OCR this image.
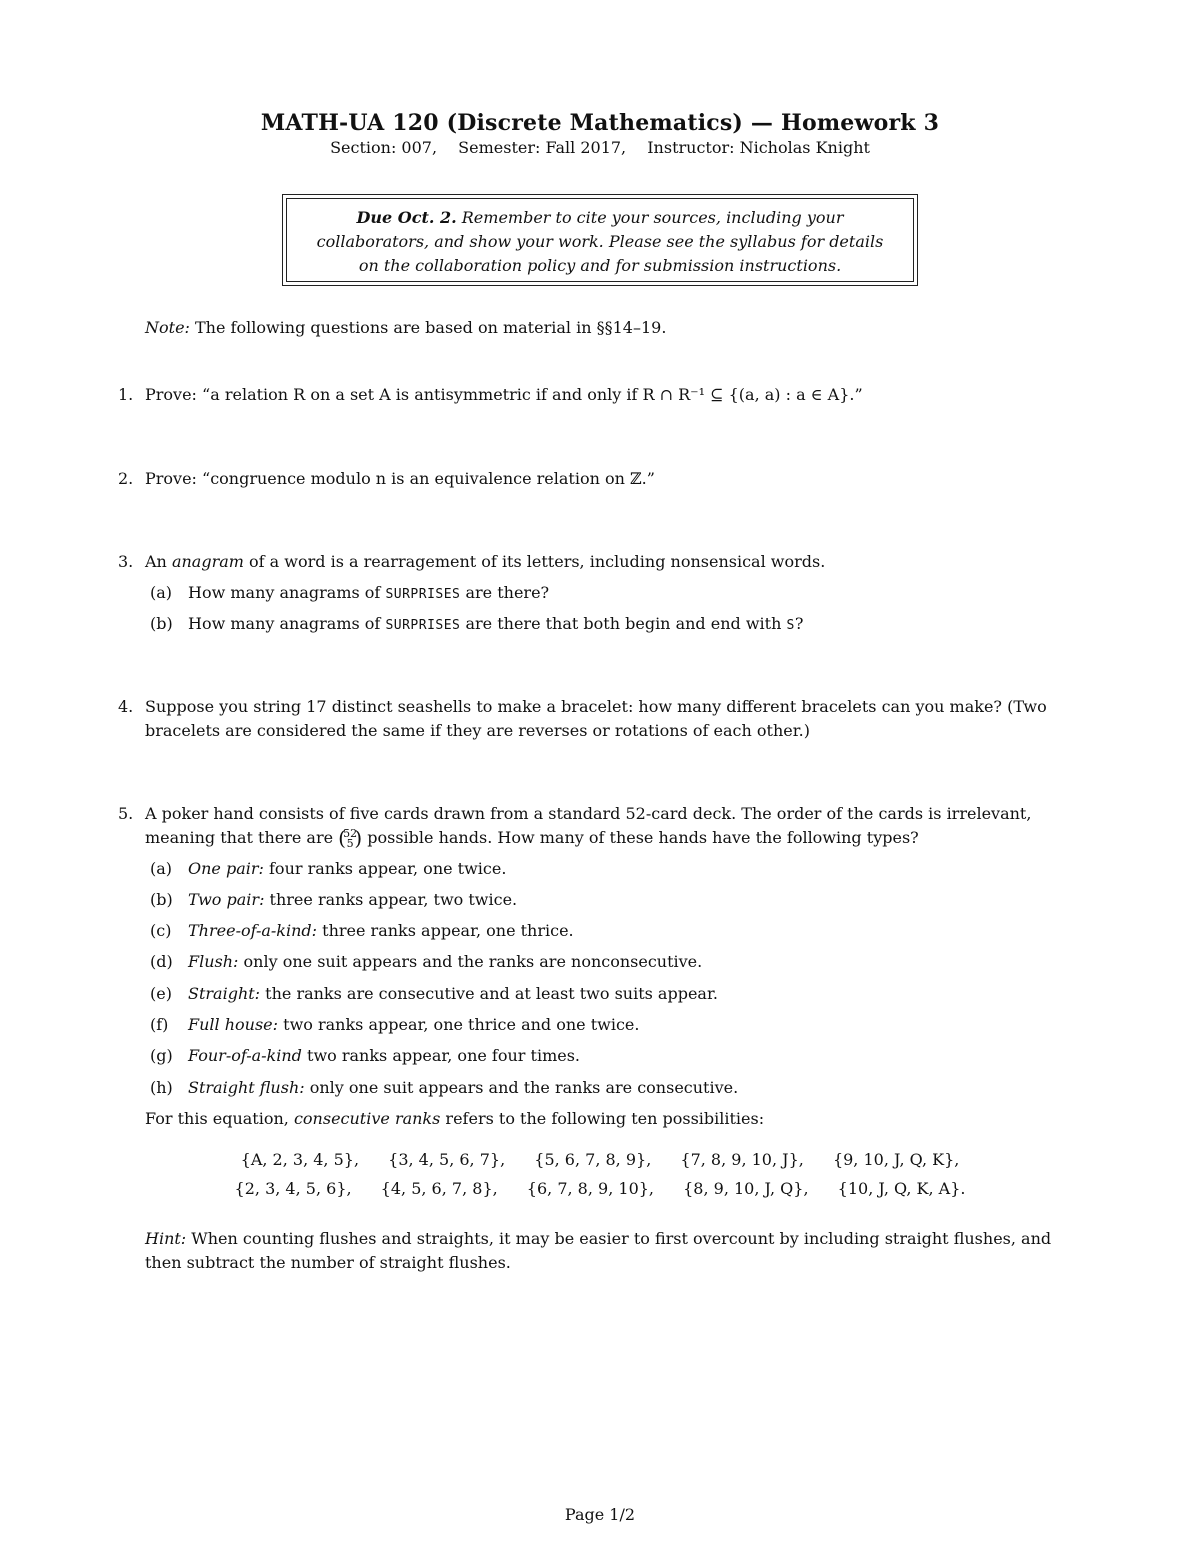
MATH-UA 120 (Discrete Mathematics) — Homework 3
Section: 007, Semester: Fall 2017, Instructor: Nicholas Knight
Due Oct. 2. Remember to cite your sources, including your
collaborators, and show your work. Please see the syllabus for details
on the collaboration policy and for submission instructions.
Note: The following questions are based on material in §§14–19.
1. Prove: “a relation R on a set A is antisymmetric if and only if R ∩ R⁻¹ ⊆ {(a, a) : a ∈ A}.”
2. Prove: “congruence modulo n is an equivalence relation on ℤ.”
3. An anagram of a word is a rearragement of its letters, including nonsensical words.
(a) How many anagrams of SURPRISES are there?
(b) How many anagrams of SURPRISES are there that both begin and end with S?
4. Suppose you string 17 distinct seashells to make a bracelet: how many different bracelets can you make? (Two
bracelets are considered the same if they are reverses or rotations of each other.)
5. A poker hand consists of five cards drawn from a standard 52-card deck. The order of the cards is irrelevant,
meaning that there are (
52
5 ) possible hands. How many of these hands have the following types?
(a) One pair: four ranks appear, one twice.
(b) Two pair: three ranks appear, two twice.
(c) Three-of-a-kind: three ranks appear, one thrice.
(d) Flush: only one suit appears and the ranks are nonconsecutive.
(e) Straight: the ranks are consecutive and at least two suits appear.
(f) Full house: two ranks appear, one thrice and one twice.
(g) Four-of-a-kind two ranks appear, one four times.
(h) Straight flush: only one suit appears and the ranks are consecutive.
For this equation, consecutive ranks refers to the following ten possibilities:
{A, 2, 3, 4, 5}, {3, 4, 5, 6, 7}, {5, 6, 7, 8, 9}, {7, 8, 9, 10, J}, {9, 10, J, Q, K},
{2, 3, 4, 5, 6}, {4, 5, 6, 7, 8}, {6, 7, 8, 9, 10}, {8, 9, 10, J, Q}, {10, J, Q, K, A}.
Hint: When counting flushes and straights, it may be easier to first overcount by including straight flushes, and
then subtract the number of straight flushes.
Page 1/2
